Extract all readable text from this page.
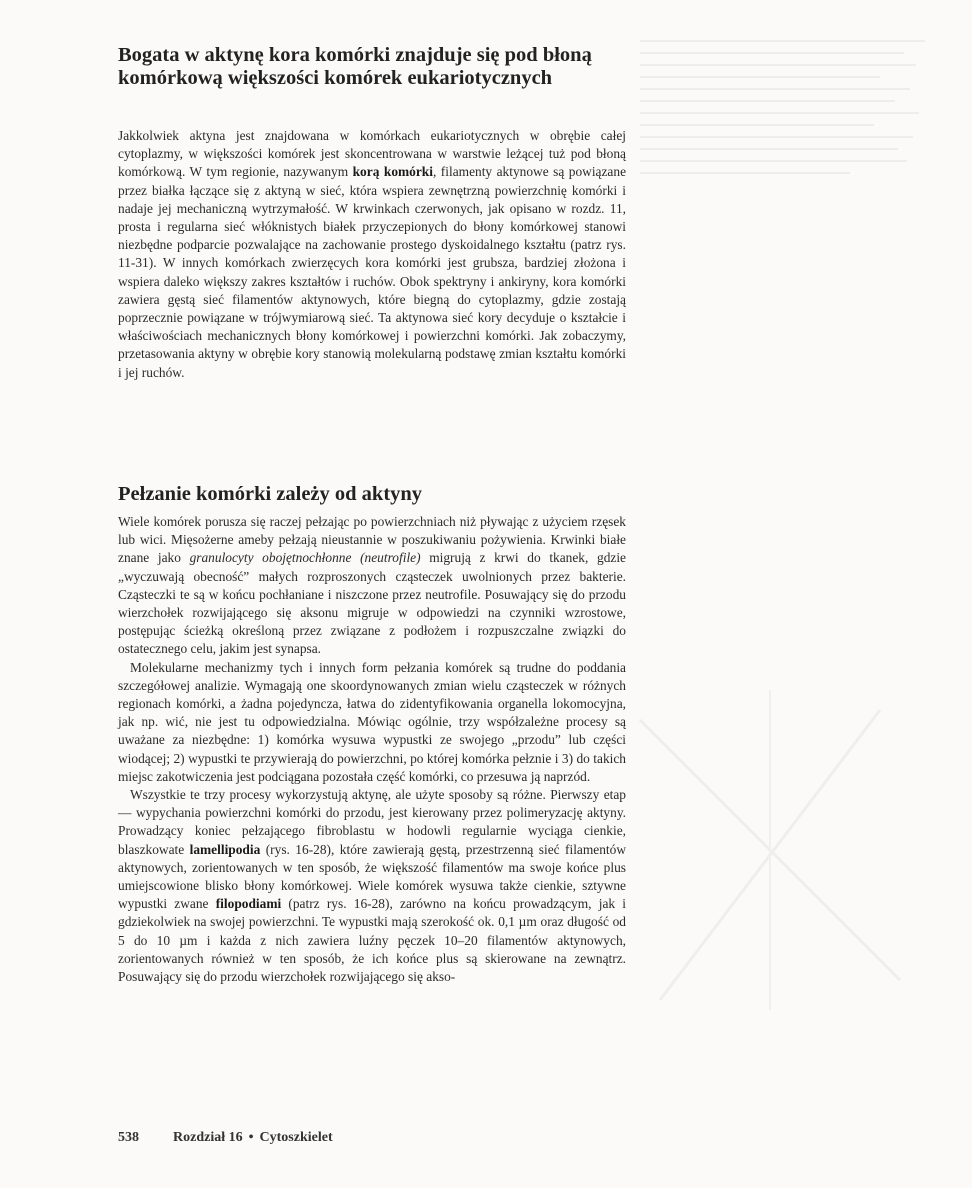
Bogata w aktynę kora komórki znajduje się pod błoną komórkową większości komórek eukariotycznych

Jakkolwiek aktyna jest znajdowana w komórkach eukariotycznych w obrębie całej cytoplazmy, w większości komórek jest skoncentrowana w warstwie leżącej tuż pod błoną komórkową. W tym regionie, nazywanym korą komórki, filamenty aktynowe są powiązane przez białka łączące się z aktyną w sieć, która wspiera zewnętrzną powierzchnię komórki i nadaje jej mechaniczną wytrzymałość. W krwinkach czerwonych, jak opisano w rozdz. 11, prosta i regularna sieć włóknistych białek przyczepionych do błony komórkowej stanowi niezbędne podparcie pozwalające na zachowanie prostego dyskoidalnego kształtu (patrz rys. 11-31). W innych komórkach zwierzęcych kora komórki jest grubsza, bardziej złożona i wspiera daleko większy zakres kształtów i ruchów. Obok spektryny i ankiryny, kora komórki zawiera gęstą sieć filamentów aktynowych, które biegną do cytoplazmy, gdzie zostają poprzecznie powiązane w trójwymiarową sieć. Ta aktynowa sieć kory decyduje o kształcie i właściwościach mechanicznych błony komórkowej i powierzchni komórki. Jak zobaczymy, przetasowania aktyny w obrębie kory stanowią molekularną podstawę zmian kształtu komórki i jej ruchów.

Pełzanie komórki zależy od aktyny

Wiele komórek porusza się raczej pełzając po powierzchniach niż pływając z użyciem rzęsek lub wici. Mięsożerne ameby pełzają nieustannie w poszukiwaniu pożywienia. Krwinki białe znane jako granulocyty obojętnochłonne (neutrofile) migrują z krwi do tkanek, gdzie „wyczuwają obecność” małych rozproszonych cząsteczek uwolnionych przez bakterie. Cząsteczki te są w końcu pochłaniane i niszczone przez neutrofile. Posuwający się do przodu wierzchołek rozwijającego się aksonu migruje w odpowiedzi na czynniki wzrostowe, postępując ścieżką określoną przez związane z podłożem i rozpuszczalne związki do ostatecznego celu, jakim jest synapsa.

Molekularne mechanizmy tych i innych form pełzania komórek są trudne do poddania szczegółowej analizie. Wymagają one skoordynowanych zmian wielu cząsteczek w różnych regionach komórki, a żadna pojedyncza, łatwa do zidentyfikowania organella lokomocyjna, jak np. wić, nie jest tu odpowiedzialna. Mówiąc ogólnie, trzy współzależne procesy są uważane za niezbędne: 1) komórka wysuwa wypustki ze swojego „przodu” lub części wiodącej; 2) wypustki te przywierają do powierzchni, po której komórka pełznie i 3) do takich miejsc zakotwiczenia jest podciągana pozostała część komórki, co przesuwa ją naprzód.

Wszystkie te trzy procesy wykorzystują aktynę, ale użyte sposoby są różne. Pierwszy etap — wypychania powierzchni komórki do przodu, jest kierowany przez polimeryzację aktyny. Prowadzący koniec pełzającego fibroblastu w hodowli regularnie wyciąga cienkie, blaszkowate lamellipodia (rys. 16-28), które zawierają gęstą, przestrzenną sieć filamentów aktynowych, zorientowanych w ten sposób, że większość filamentów ma swoje końce plus umiejscowione blisko błony komórkowej. Wiele komórek wysuwa także cienkie, sztywne wypustki zwane filopodiami (patrz rys. 16-28), zarówno na końcu prowadzącym, jak i gdziekolwiek na swojej powierzchni. Te wypustki mają szerokość ok. 0,1 µm oraz długość od 5 do 10 µm i każda z nich zawiera luźny pęczek 10–20 filamentów aktynowych, zorientowanych również w ten sposób, że ich końce plus są skierowane na zewnątrz. Posuwający się do przodu wierzchołek rozwijającego się akso-

538 Rozdział 16 • Cytoszkielet
